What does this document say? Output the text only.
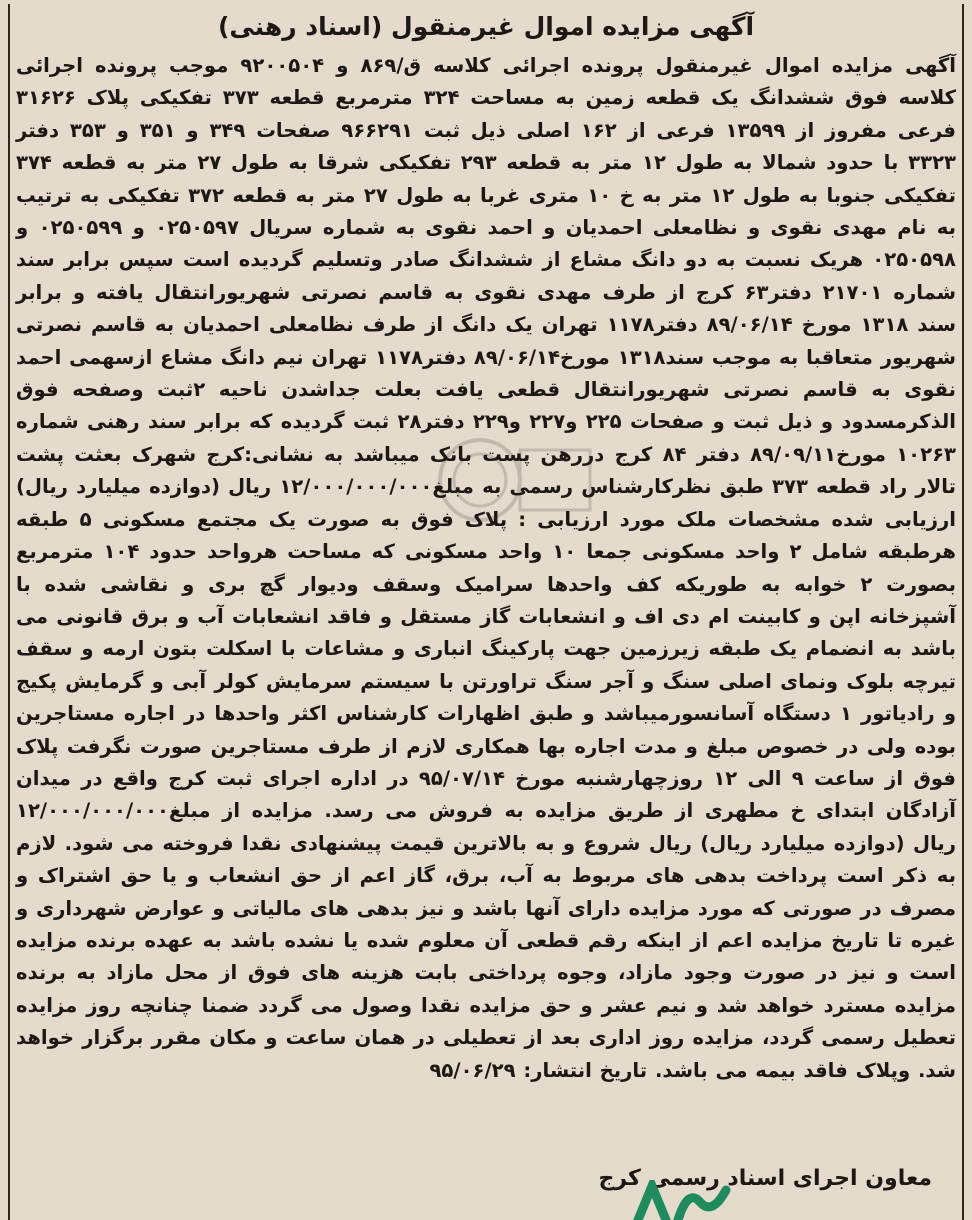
آگهی مزایده اموال غیرمنقول (اسناد رهنی)

آگهی مزایده اموال غیرمنقول پرونده اجرائی کلاسه ق/۸۶۹ و ۹۲۰۰۵۰۴ موجب پرونده اجرائی کلاسه فوق ششدانگ یک قطعه زمین به مساحت ۳۲۴ مترمربع قطعه ۳۷۳ تفکیکی پلاک ۳۱۶۲۶ فرعی مفروز از ۱۳۵۹۹ فرعی از ۱۶۲ اصلی ذیل ثبت ۹۶۶۲۹۱ صفحات ۳۴۹ و ۳۵۱ و ۳۵۳ دفتر ۳۳۲۳ با حدود شمالا به طول ۱۲ متر به قطعه ۲۹۳ تفکیکی شرقا به طول ۲۷ متر به قطعه ۳۷۴ تفکیکی جنوبا به طول ۱۲ متر به خ ۱۰ متری غربا به طول ۲۷ متر به قطعه ۳۷۲ تفکیکی به ترتیب به نام مهدی نقوی و نظامعلی احمدیان و احمد نقوی به شماره سریال ۰۲۵۰۵۹۷ و ۰۲۵۰۵۹۹ و ۰۲۵۰۵۹۸ هریک نسبت به دو دانگ مشاع از ششدانگ صادر وتسلیم گردیده است سپس برابر سند شماره ۲۱۷۰۱ دفتر۶۳ کرج از طرف مهدی نقوی به قاسم نصرتی شهریورانتقال یافته و برابر سند ۱۳۱۸ مورخ ۸۹/۰۶/۱۴ دفتر۱۱۷۸ تهران یک دانگ از طرف نظامعلی احمدیان به قاسم نصرتی شهریور متعاقبا به موجب سند۱۳۱۸ مورخ۸۹/۰۶/۱۴ دفتر۱۱۷۸ تهران نیم دانگ مشاع ازسهمی احمد نقوی به قاسم نصرتی شهریورانتقال قطعی یافت بعلت جداشدن ناحیه ۲ثبت وصفحه فوق الذکرمسدود و ذیل ثبت و صفحات ۲۲۵ و۲۲۷ و۲۲۹ دفتر۲۸ ثبت گردیده که برابر سند رهنی شماره ۱۰۲۶۳ مورخ۸۹/۰۹/۱۱ دفتر ۸۴ کرج دررهن پست بانک میباشد به نشانی:کرج شهرک بعثت پشت تالار راد قطعه ۳۷۳ طبق نظرکارشناس رسمی به مبلغ۱۲/۰۰۰/۰۰۰/۰۰۰ ریال (دوازده میلیارد ریال) ارزیابی شده مشخصات ملک مورد ارزیابی : پلاک فوق به صورت یک مجتمع مسکونی ۵ طبقه هرطبقه شامل ۲ واحد مسکونی جمعا ۱۰ واحد مسکونی که مساحت هرواحد حدود ۱۰۴ مترمربع بصورت ۲ خوابه به طوریکه کف واحدها سرامیک وسقف ودیوار گچ بری و نقاشی شده با آشپزخانه اپن و کابینت ام دی اف و انشعابات گاز مستقل و فاقد انشعابات آب و برق قانونی می باشد به انضمام یک طبقه زیرزمین جهت پارکینگ انباری و مشاعات با اسکلت بتون ارمه و سقف تیرچه بلوک ونمای اصلی سنگ و آجر سنگ تراورتن با سیستم سرمایش کولر آبی و گرمایش پکیج و رادیاتور ۱ دستگاه آسانسورمیباشد و طبق اظهارات کارشناس اکثر واحدها در اجاره مستاجرین بوده ولی در خصوص مبلغ و مدت اجاره بها همکاری لازم از طرف مستاجرین صورت نگرفت پلاک فوق از ساعت ۹ الی ۱۲ روزچهارشنبه مورخ ۹۵/۰۷/۱۴ در اداره اجرای ثبت کرج واقع در میدان آزادگان ابتدای خ مطهری از طریق مزایده به فروش می رسد. مزایده از مبلغ۱۲/۰۰۰/۰۰۰/۰۰۰ ریال (دوازده میلیارد ریال) ریال شروع و به بالاترین قیمت پیشنهادی نقدا فروخته می شود. لازم به ذکر است پرداخت بدهی های مربوط به آب، برق، گاز اعم از حق انشعاب و یا حق اشتراک و مصرف در صورتی که مورد مزایده دارای آنها باشد و نیز بدهی های مالیاتی و عوارض شهرداری و غیره تا تاریخ مزایده اعم از اینکه رقم قطعی آن معلوم شده یا نشده باشد به عهده برنده مزایده است و نیز در صورت وجود مازاد، وجوه پرداختی بابت هزینه های فوق از محل مازاد به برنده مزایده مسترد خواهد شد و نیم عشر و حق مزایده نقدا وصول می گردد ضمنا چنانچه روز مزایده تعطیل رسمی گردد، مزایده روز اداری بعد از تعطیلی در همان ساعت و مکان مقرر برگزار خواهد شد. وپلاک فاقد بیمه می باشد. تاریخ انتشار: ۹۵/۰۶/۲۹

معاون اجرای اسناد رسمی کرج
